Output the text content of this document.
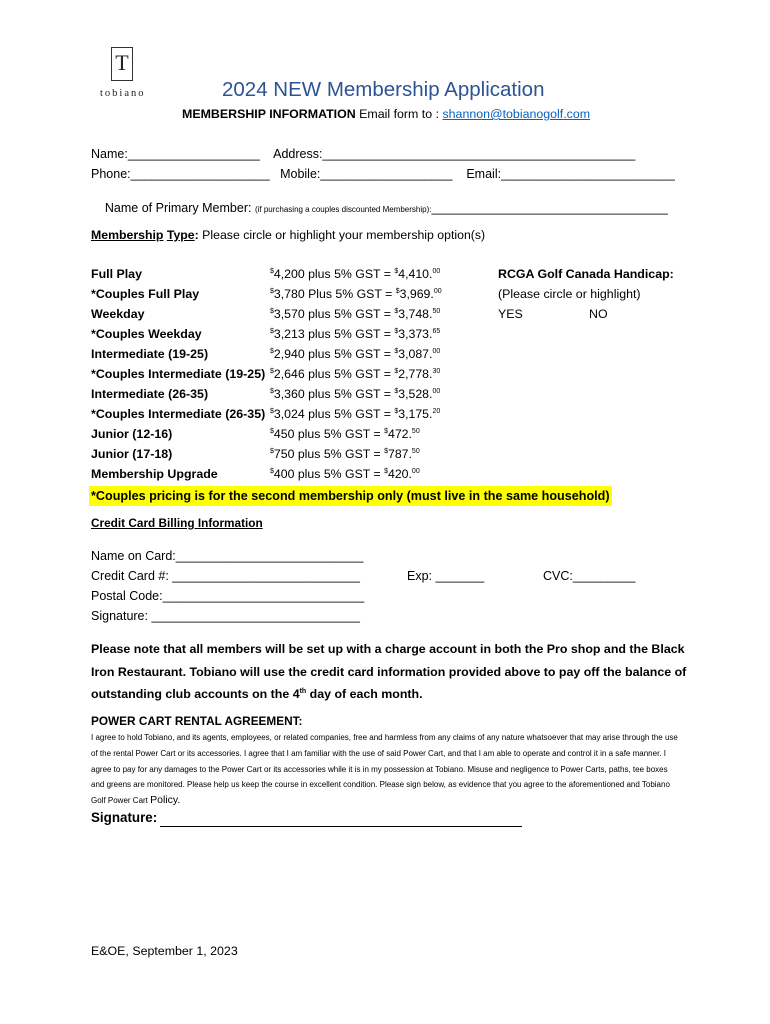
T
tobiano	2024 NEW Membership Application
MEMBERSHIP INFORMATION Email form to : shannon@tobianogolf.com
Name:___________________    Address:_____________________________________________
Phone:____________________   Mobile:___________________    Email:_________________________

Name of Primary Member: (if purchasing a couples discounted Membership):__________________________________

Membership Type: Please circle or highlight your membership option(s)
Full Play	$4,200 plus 5% GST = $4,410.00
*Couples Full Play	$3,780 Plus 5% GST = $3,969.00
Weekday	$3,570 plus 5% GST = $3,748.50
*Couples Weekday	$3,213 plus 5% GST = $3,373.65
Intermediate (19-25)	$2,940 plus 5% GST = $3,087.00
*Couples Intermediate (19-25) $2,646 plus 5% GST = $2,778.30
Intermediate (26-35)	$3,360 plus 5% GST = $3,528.00
*Couples Intermediate (26-35) $3,024 plus 5% GST = $3,175.20
Junior (12-16)	$450 plus 5% GST = $472.50
Junior (17-18)	$750 plus 5% GST = $787.50
Membership Upgrade	$400 plus 5% GST = $420.00
RCGA Golf Canada Handicap:
(Please circle or highlight)
YES	NO
*Couples pricing is for the second membership only (must live in the same household)
Credit Card Billing Information
Name on Card:___________________________
Credit Card #: ___________________________	Exp: _______	CVC:_________
Postal Code:_____________________________
Signature: ______________________________
Please note that all members will be set up with a charge account in both the Pro shop and the Black Iron Restaurant. Tobiano will use the credit card information provided above to pay off the balance of outstanding club accounts on the 4th day of each month.
POWER CART RENTAL AGREEMENT:
I agree to hold Tobiano, and its agents, employees, or related companies, free and harmless from any claims of any nature whatsoever that may arise through the use of the rental Power Cart or its accessories. I agree that I am familiar with the use of said Power Cart, and that I am able to operate and control it in a safe manner. I agree to pay for any damages to the Power Cart or its accessories while it is in my possession at Tobiano. Misuse and negligence to Power Carts, paths, tee boxes and greens are monitored. Please help us keep the course in excellent condition. Please sign below, as evidence that you agree to the aforementioned and Tobiano Golf Power Cart Policy.
Signature:
E&OE, September 1, 2023
